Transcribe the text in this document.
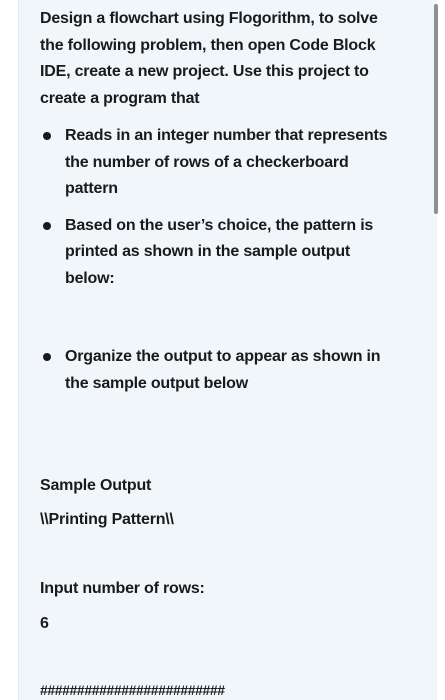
Design a flowchart using Flogorithm, to solve the following problem, then open Code Block IDE, create a new project. Use this project to create a program that

Reads in an integer number that represents the number of rows of a checkerboard pattern
Based on the user’s choice, the pattern is printed as shown in the sample output below:
Organize the output to appear as shown in the sample output below
Sample Output
\\Printing Pattern\\
Input number of rows:
6
#########################
